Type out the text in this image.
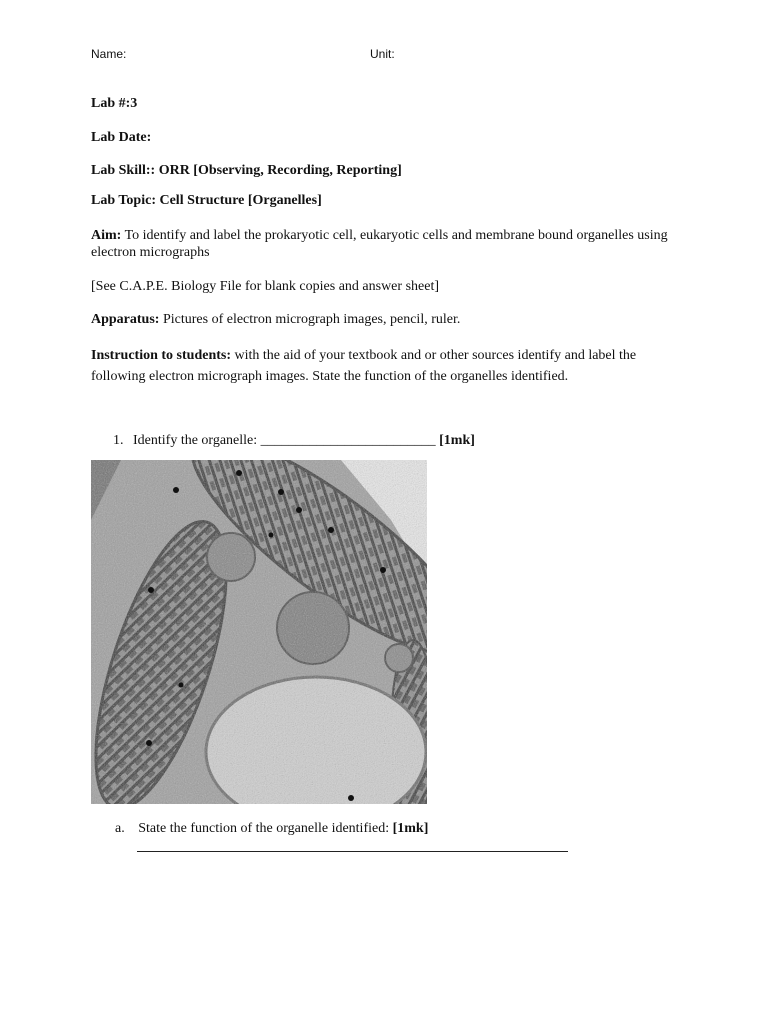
Name:	Unit:
Lab #:3
Lab Date:
Lab Skill:: ORR [Observing, Recording, Reporting]
Lab Topic: Cell Structure [Organelles]
Aim: To identify and label the prokaryotic cell, eukaryotic cells and membrane bound organelles using electron micrographs
[See C.A.P.E. Biology File for blank copies and answer sheet]
Apparatus: Pictures of electron micrograph images, pencil, ruler.
Instruction to students: with the aid of your textbook and or other sources identify and label the following electron micrograph images. State the function of the organelles identified.
1. Identify the organelle: _________________________ [1mk]
a. State the function of the organelle identified: [1mk]
